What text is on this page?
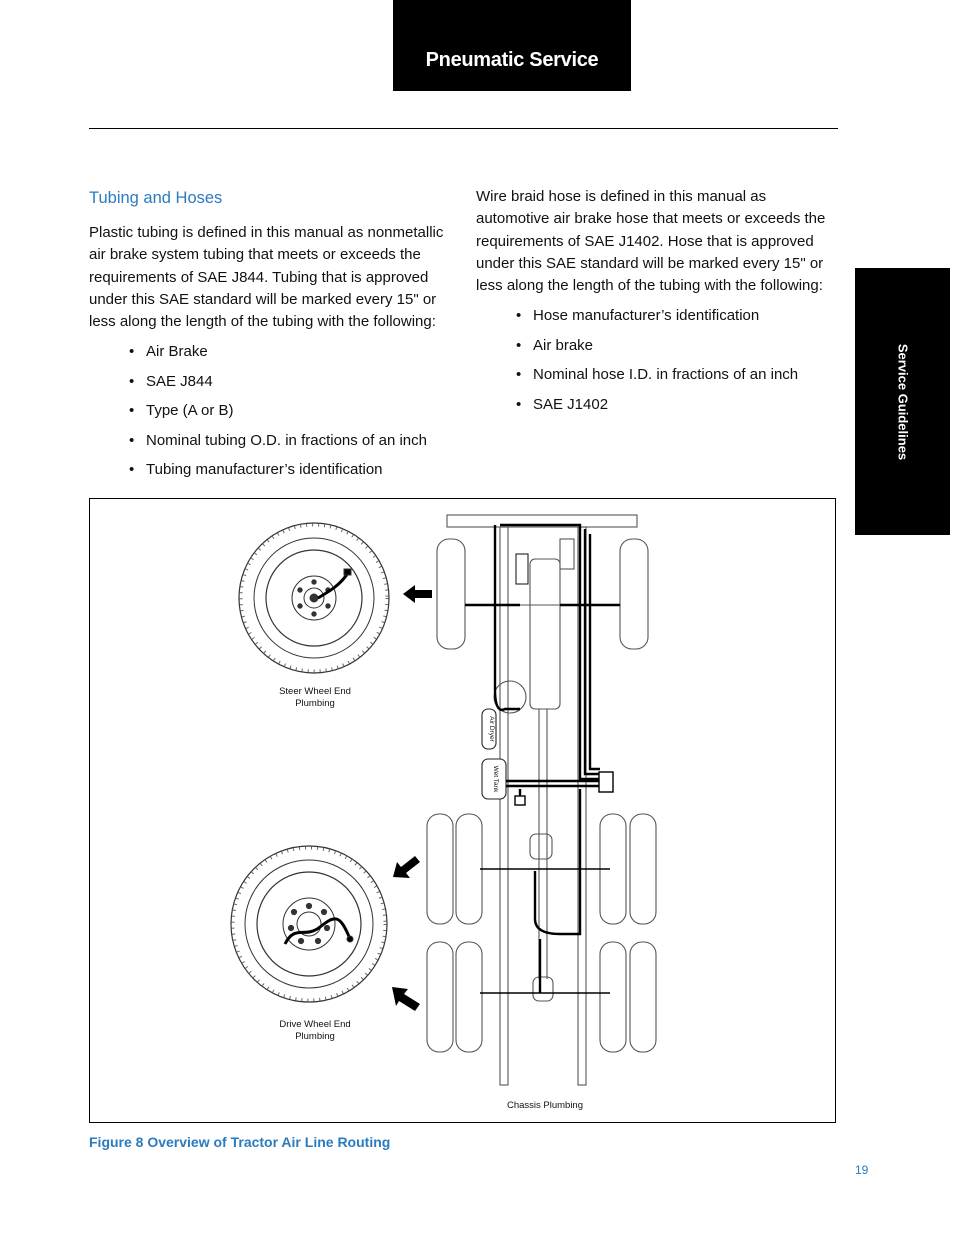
Pneumatic Service
Service Guidelines
Tubing and Hoses

Plastic tubing is defined in this manual as nonmetallic air brake system tubing that meets or exceeds the requirements of SAE J844. Tubing that is approved under this SAE standard will be marked every 15" or less along the length of the tubing with the following:

• Air Brake
• SAE J844
• Type (A or B)
• Nominal tubing O.D. in fractions of an inch
• Tubing manufacturer’s identification

Wire braid hose is defined in this manual as automotive air brake hose that meets or exceeds the requirements of SAE J1402. Hose that is approved under this SAE standard will be marked every 15" or less along the length of the tubing with the following:

• Hose manufacturer’s identification
• Air brake
• Nominal hose I.D. in fractions of an inch
• SAE J1402
Steer Wheel End
Plumbing
Drive Wheel End
Plumbing
Chassis Plumbing
Air Dryer
Wet Tank
Figure 8 Overview of Tractor Air Line Routing
19
